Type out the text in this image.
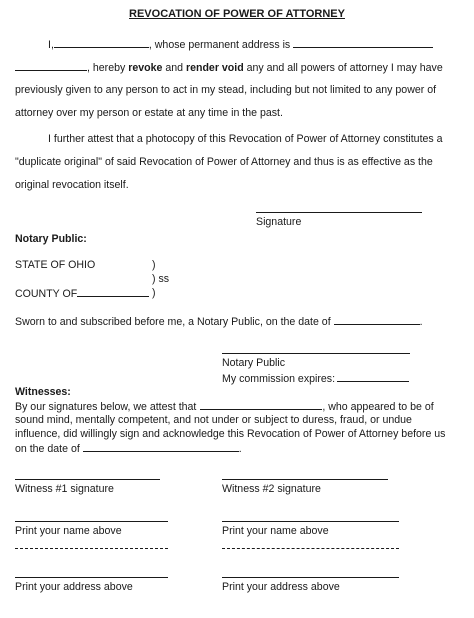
REVOCATION OF POWER OF ATTORNEY
I,	, whose permanent address is
, hereby revoke and render void any and all powers of attorney I may have
previously given to any person to act in my stead, including but not limited to any power of
attorney over my person or estate at any time in the past.
I further attest that a photocopy of this Revocation of Power of Attorney constitutes a
"duplicate original" of said Revocation of Power of Attorney and thus is as effective as the
original revocation itself.
Signature
Notary Public:
STATE OF OHIO	)
) ss
COUNTY OF	)
Sworn to and subscribed before me, a Notary Public, on the date of	.
Notary Public
My commission expires:
Witnesses:
By our signatures below, we attest that	, who appeared to be of
sound mind, mentally competent, and not under or subject to duress, fraud, or undue
influence, did willingly sign and acknowledge this Revocation of Power of Attorney before us
on the date of	.
Witness #1 signature	Witness #2 signature
Print your name above	Print your name above
Print your address above	Print your address above
